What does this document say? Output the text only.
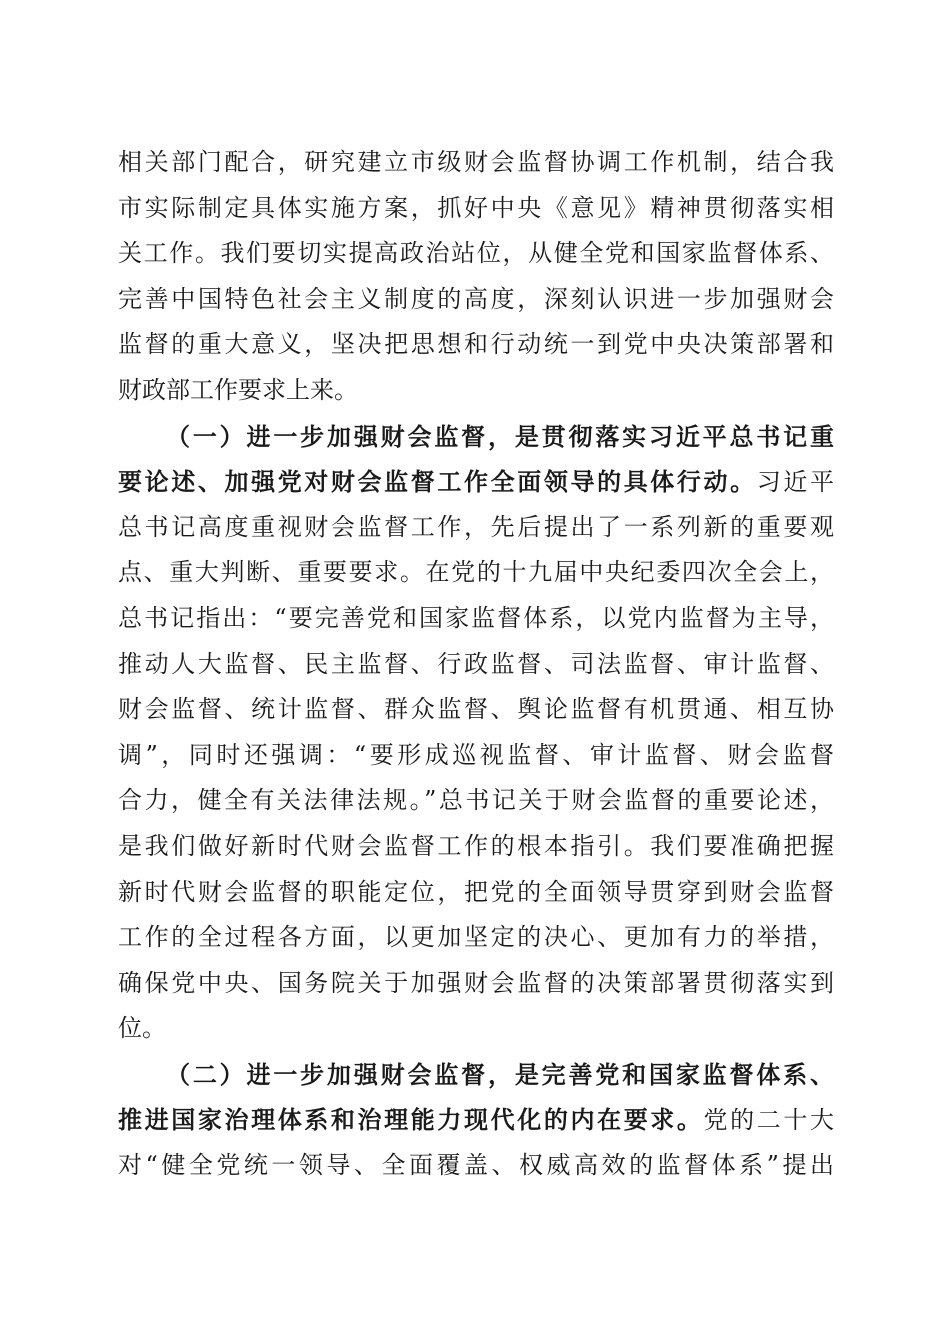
相关部门配合，研究建立市级财会监督协调工作机制，结合我
市实际制定具体实施方案，抓好中央《意见》精神贯彻落实相
关工作。我们要切实提高政治站位，从健全党和国家监督体系、
完善中国特色社会主义制度的高度，深刻认识进一步加强财会
监督的重大意义，坚决把思想和行动统一到党中央决策部署和
财政部工作要求上来。
（一）进一步加强财会监督，是贯彻落实习近平总书记重
要论述、加强党对财会监督工作全面领导的具体行动。习近平
总书记高度重视财会监督工作，先后提出了一系列新的重要观
点、重大判断、重要要求。在党的十九届中央纪委四次全会上，
总书记指出：“要完善党和国家监督体系，以党内监督为主导，
推动人大监督、民主监督、行政监督、司法监督、审计监督、
财会监督、统计监督、群众监督、舆论监督有机贯通、相互协
调”，同时还强调：“要形成巡视监督、审计监督、财会监督
合力，健全有关法律法规。”总书记关于财会监督的重要论述，
是我们做好新时代财会监督工作的根本指引。我们要准确把握
新时代财会监督的职能定位，把党的全面领导贯穿到财会监督
工作的全过程各方面，以更加坚定的决心、更加有力的举措，
确保党中央、国务院关于加强财会监督的决策部署贯彻落实到
位。
（二）进一步加强财会监督，是完善党和国家监督体系、
推进国家治理体系和治理能力现代化的内在要求。党的二十大
对“健全党统一领导、全面覆盖、权威高效的监督体系”提出
